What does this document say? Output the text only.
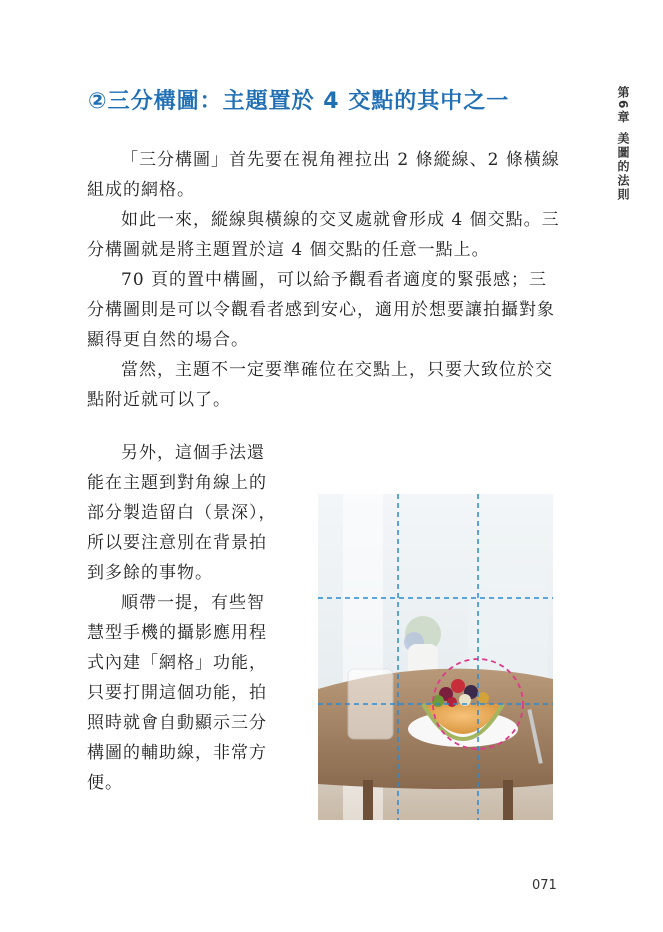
②三分構圖：主題置於 4 交點的其中之一	第6章
美圖的法則

「三分構圖」首先要在視角裡拉出 2 條縱線、2 條橫線組成的網格。

如此一來，縱線與橫線的交叉處就會形成 4 個交點。三分構圖就是將主題置於這 4 個交點的任意一點上。

70 頁的置中構圖，可以給予觀看者適度的緊張感；三分構圖則是可以令觀看者感到安心，適用於想要讓拍攝對象顯得更自然的場合。

當然，主題不一定要準確位在交點上，只要大致位於交點附近就可以了。

另外，這個手法還能在主題到對角線上的部分製造留白（景深），所以要注意別在背景拍到多餘的事物。

順帶一提，有些智慧型手機的攝影應用程式內建「網格」功能，只要打開這個功能，拍照時就會自動顯示三分構圖的輔助線，非常方便。

071
